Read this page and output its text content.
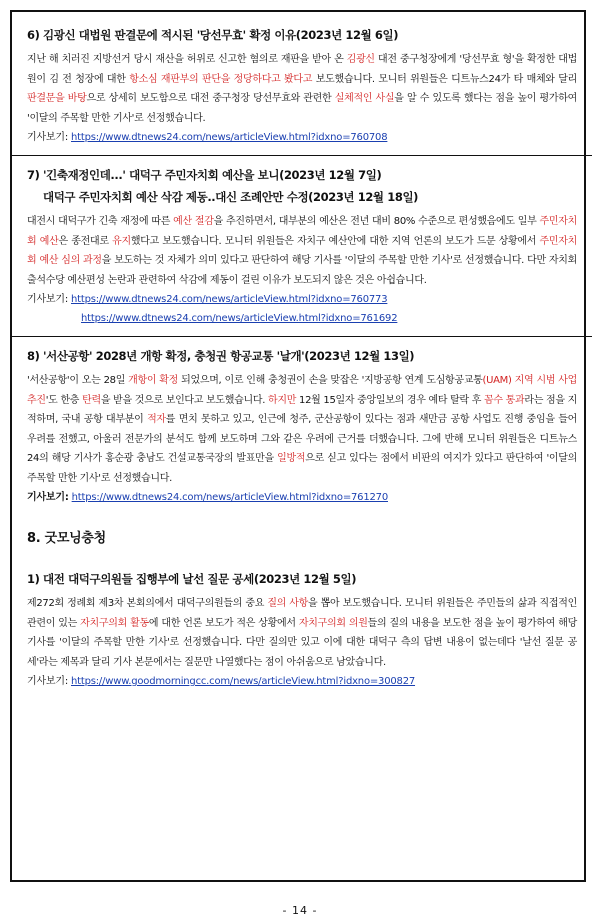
6) 김광신 대법원 판결문에 적시된 '당선무효' 확정 이유(2023년 12월 6일)

지난 해 치러진 지방선거 당시 재산을 허위로 신고한 혐의로 재판을 받아 온 김광신 대전 중구청장에게 '당선무효 형'을 확정한 대법원이 김 전 청장에 대한 항소심 재판부의 판단을 정당하다고 봤다고 보도했습니다. 모니터 위원들은 디트뉴스24가 타 매체와 달리 판결문을 바탕으로 상세히 보도함으로 대전 중구청장 당선무효와 관련한 실체적인 사실을 알 수 있도록 했다는 점을 높이 평가하여 '이달의 주목할 만한 기사'로 선정했습니다.

기사보기: https://www.dtnews24.com/news/articleView.html?idxno=760708
7) '긴축재정인데...' 대덕구 주민자치회 예산을 보니(2023년 12월 7일)
대덕구 주민자치회 예산 삭감 제동..대신 조례안만 수정(2023년 12월 18일)

대전시 대덕구가 긴축 재정에 따른 예산 절감을 추진하면서, 대부분의 예산은 전년 대비 80% 수준으로 편성했음에도 일부 주민자치회 예산은 종전대로 유지했다고 보도했습니다. 모니터 위원들은 자치구 예산안에 대한 지역 언론의 보도가 드문 상황에서 주민자치회 예산 심의 과정을 보도하는 것 자체가 의미 있다고 판단하여 해당 기사를 '이달의 주목할 만한 기사'로 선정했습니다. 다만 자치회 출석수당 예산편성 논란과 관련하여 삭감에 제동이 걸린 이유가 보도되지 않은 것은 아쉽습니다.

기사보기: https://www.dtnews24.com/news/articleView.html?idxno=760773
https://www.dtnews24.com/news/articleView.html?idxno=761692
8) '서산공항' 2028년 개항 확정, 충청권 항공교통 '날개'(2023년 12월 13일)

'서산공항'이 오는 28일 개항이 확정 되었으며, 이로 인해 충청권이 손을 맞잡은 '지방공항 연계 도심항공교통(UAM) 지역 시범 사업 추진'도 한층 탄력을 받을 것으로 보인다고 보도했습니다. 하지만 12월 15일자 중앙일보의 경우 예타 탈락 후 꼼수 통과라는 점을 지적하며, 국내 공항 대부분이 적자를 면치 못하고 있고, 인근에 청주, 군산공항이 있다는 점과 새만금 공항 사업도 진행 중임을 들어 우려를 전했고, 아울러 전문가의 분석도 함께 보도하며 그와 같은 우려에 근거를 더했습니다. 그에 반해 모니터 위원들은 디트뉴스24의 해당 기사가 홍순광 충남도 건설교통국장의 발표만을 일방적으로 싣고 있다는 점에서 비판의 여지가 있다고 판단하여 '이달의 주목할 만한 기사'로 선정했습니다.

기사보기: https://www.dtnews24.com/news/articleView.html?idxno=761270
8. 굿모닝충청
1) 대전 대덕구의원들 집행부에 날선 질문 공세(2023년 12월 5일)

제272회 정례회 제3차 본회의에서 대덕구의원들의 중요 질의 사항을 뽑아 보도했습니다. 모니터 위원들은 주민들의 삶과 직접적인 관련이 있는 자치구의회 활동에 대한 언론 보도가 적은 상황에서 자치구의회 의원들의 질의 내용을 보도한 점을 높이 평가하여 해당 기사를 '이달의 주목할 만한 기사'로 선정했습니다. 다만 질의만 있고 이에 대한 대덕구 측의 답변 내용이 없는데다 '날선 질문 공세'라는 제목과 달리 기사 본문에서는 질문만 나열했다는 점이 아쉬움으로 남았습니다.

기사보기: https://www.goodmorningcc.com/news/articleView.html?idxno=300827
- 14 -
